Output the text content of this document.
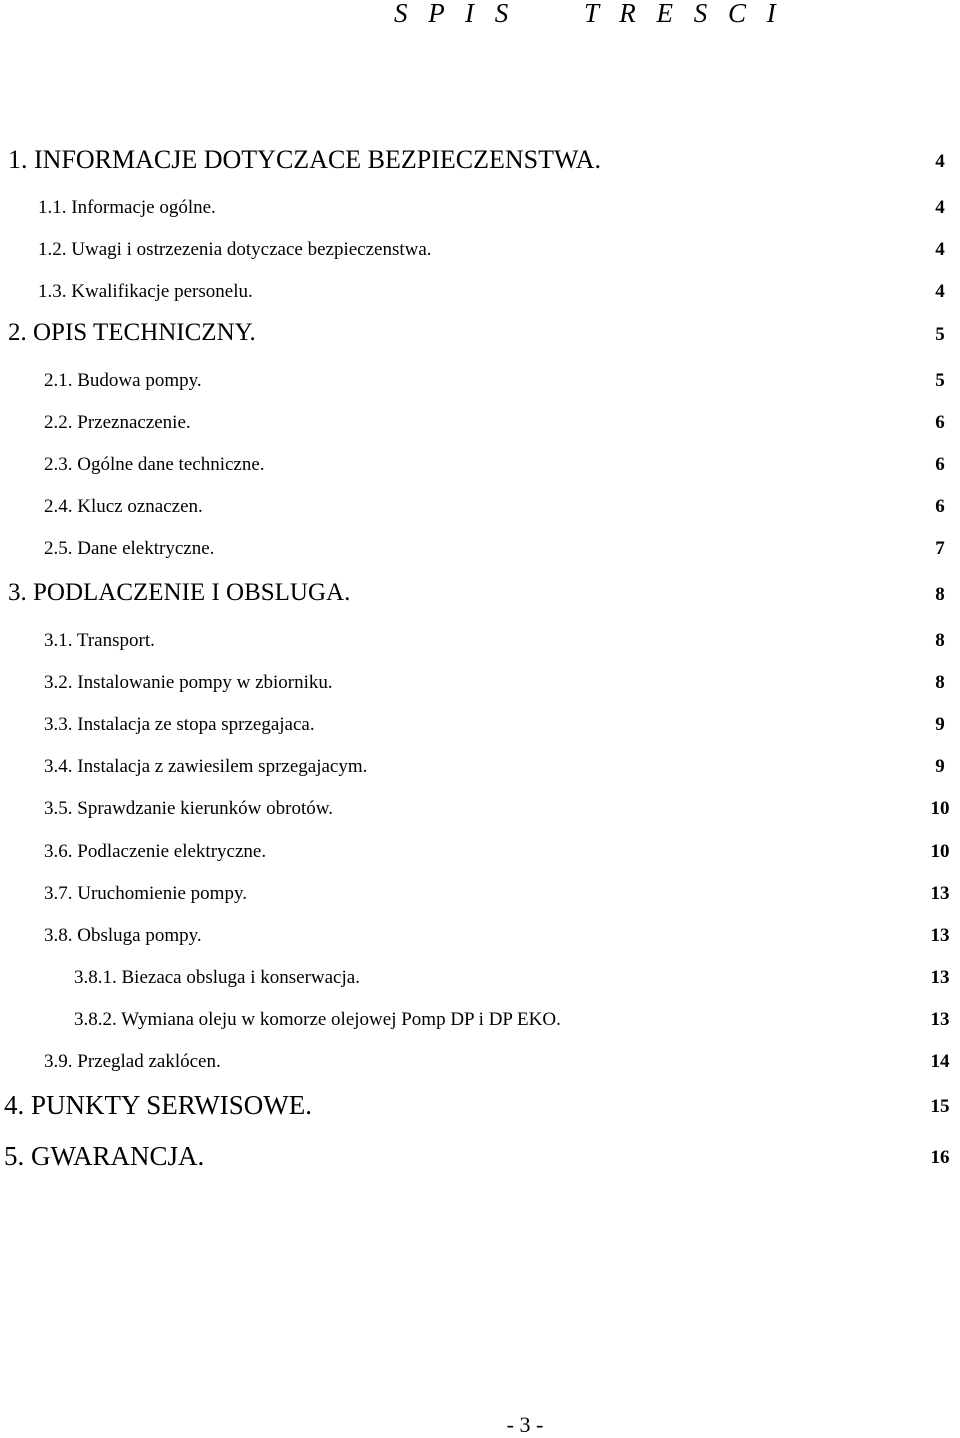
S P I S     T R E S C I
1. INFORMACJE DOTYCZACE BEZPIECZENSTWA.	4
1.1. Informacje ogólne.	4
1.2. Uwagi i ostrzezenia dotyczace bezpieczenstwa.	4
1.3. Kwalifikacje personelu.	4
2. OPIS TECHNICZNY.	5
2.1. Budowa pompy.	5
2.2. Przeznaczenie.	6
2.3. Ogólne dane techniczne.	6
2.4. Klucz oznaczen.	6
2.5. Dane elektryczne.	7
3. PODLACZENIE I OBSLUGA.	8
3.1. Transport.	8
3.2. Instalowanie pompy w zbiorniku.	8
3.3. Instalacja ze stopa sprzegajaca.	9
3.4. Instalacja z zawiesilem sprzegajacym.	9
3.5. Sprawdzanie kierunków obrotów.	10
3.6. Podlaczenie elektryczne.	10
3.7. Uruchomienie pompy.	13
3.8. Obsluga pompy.	13
3.8.1. Biezaca obsluga i konserwacja.	13
3.8.2. Wymiana oleju w komorze olejowej Pomp DP i DP EKO.	13
3.9. Przeglad zaklócen.	14
4. PUNKTY SERWISOWE.	15
5. GWARANCJA.	16
- 3 -
